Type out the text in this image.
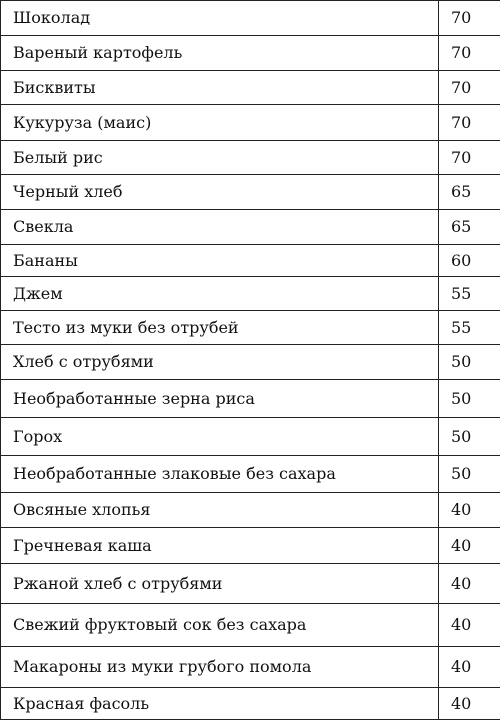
Шоколад	70
Вареный картофель	70
Бисквиты	70
Кукуруза (маис)	70
Белый рис	70
Черный хлеб	65
Свекла	65
Бананы	60
Джем	55
Тесто из муки без отрубей	55
Хлеб с отрубями	50
Необработанные зерна риса	50
Горох	50
Необработанные злаковые без сахара	50
Овсяные хлопья	40
Гречневая каша	40
Ржаной хлеб с отрубями	40
Свежий фруктовый сок без сахара	40
Макароны из муки грубого помола	40
Красная фасоль	40
